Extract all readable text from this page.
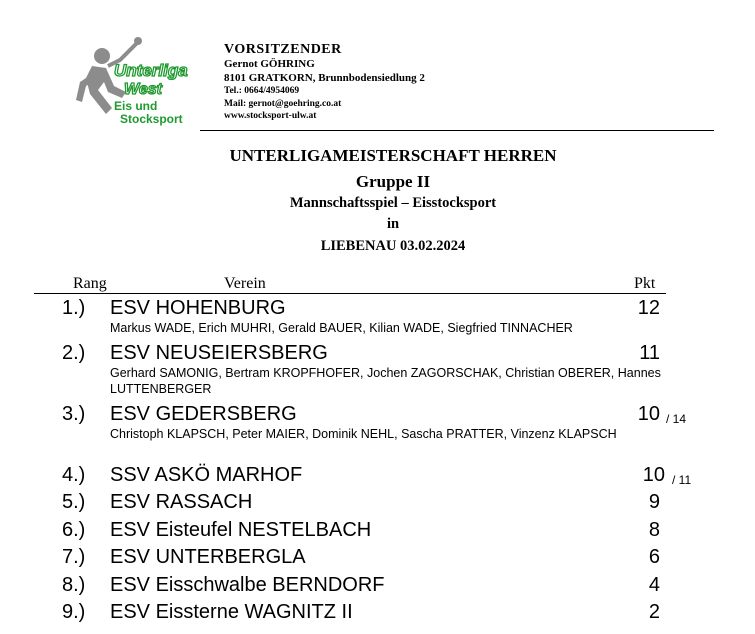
Unterliga
West
Eis und
Stocksport
VORSITZENDER
Gernot GÖHRING
8101 GRATKORN, Brunnbodensiedlung 2
Tel.: 0664/4954069
Mail: gernot@goehring.co.at
www.stocksport-ulw.at
UNTERLIGAMEISTERSCHAFT HERREN
Gruppe II
Mannschaftsspiel – Eisstocksport
in
LIEBENAU 03.02.2024
Rang	Verein	Pkt
1.) ESV HOHENBURG	12
Markus WADE, Erich MUHRI, Gerald BAUER, Kilian WADE, Siegfried TINNACHER
2.) ESV NEUSEIERSBERG	11
Gerhard SAMONIG, Bertram KROPFHOFER, Jochen ZAGORSCHAK, Christian OBERER, Hannes LUTTENBERGER
3.) ESV GEDERSBERG	10 / 14
Christoph KLAPSCH, Peter MAIER, Dominik NEHL, Sascha PRATTER, Vinzenz KLAPSCH
4.) SSV ASKÖ MARHOF	10 / 11
5.) ESV RASSACH	9
6.) ESV Eisteufel NESTELBACH	8
7.) ESV UNTERBERGLA	6
8.) ESV Eisschwalbe BERNDORF	4
9.) ESV Eissterne WAGNITZ II	2
